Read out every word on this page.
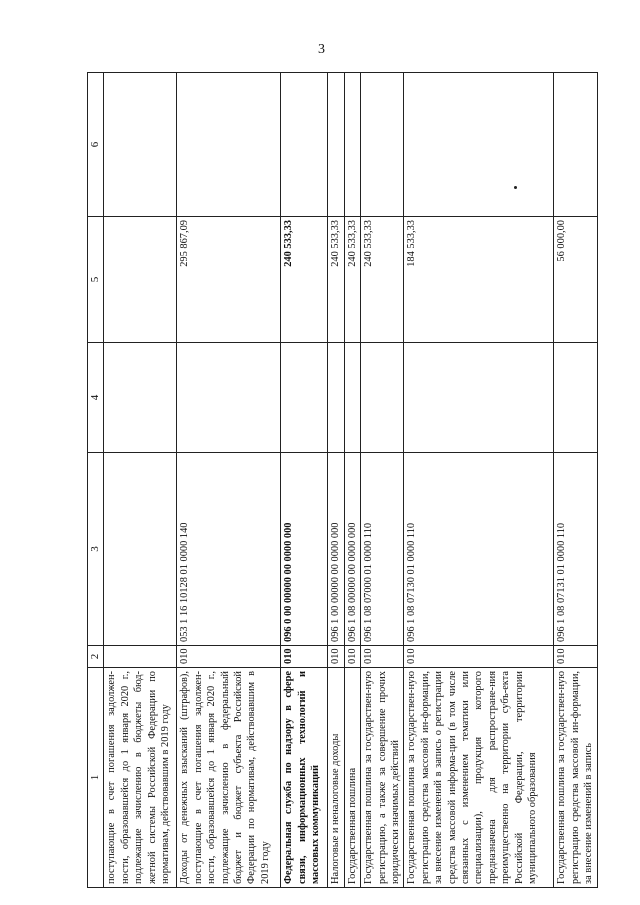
3
1	2	3	4	5	6
поступающие в счет погашения задолжен-ности, образовавшейся до 1 января 2020 г., подлежащие зачислению в бюджеты бюд-жетной системы Российской Федерации по нормативам, действовавшим в 2019 году					
Доходы от денежных взысканий (штрафов), поступающие в счет погашения задолжен-ности, образовавшейся до 1 января 2020 г., подлежащие зачислению в федеральный бюджет и бюджет субъекта Российской Федерации по нормативам, действовавшим в 2019 году	010	053 1 16 10128 01 0000 140		295 867,09	
Федеральная служба по надзору в сфере связи, информационных технологий и массовых коммуникаций	010	096 0 00 00000 00 0000 000		240 533,33	
Налоговые и неналоговые доходы	010	096 1 00 00000 00 0000 000		240 533,33	
Государственная пошлина	010	096 1 08 00000 00 0000 000		240 533,33	
Государственная пошлина за государствен-ную регистрацию, а также за совершение прочих юридически значимых действий	010	096 1 08 07000 01 0000 110		240 533,33	
Государственная пошлина за государствен-ную регистрацию средства массовой ин-формации, за внесение изменений в запись о регистрации средства массовой информа-ции (в том числе связанных с изменением тематики или специализации), продукция которого предназначена для распростране-ния преимущественно на территории субъ-екта Российской Федерации, территории муниципального образования	010	096 1 08 07130 01 0000 110		184 533,33	
Государственная пошлина за государствен-ную регистрацию средства массовой ин-формации, за внесение изменений в запись	010	096 1 08 07131 01 0000 110		56 000,00	
